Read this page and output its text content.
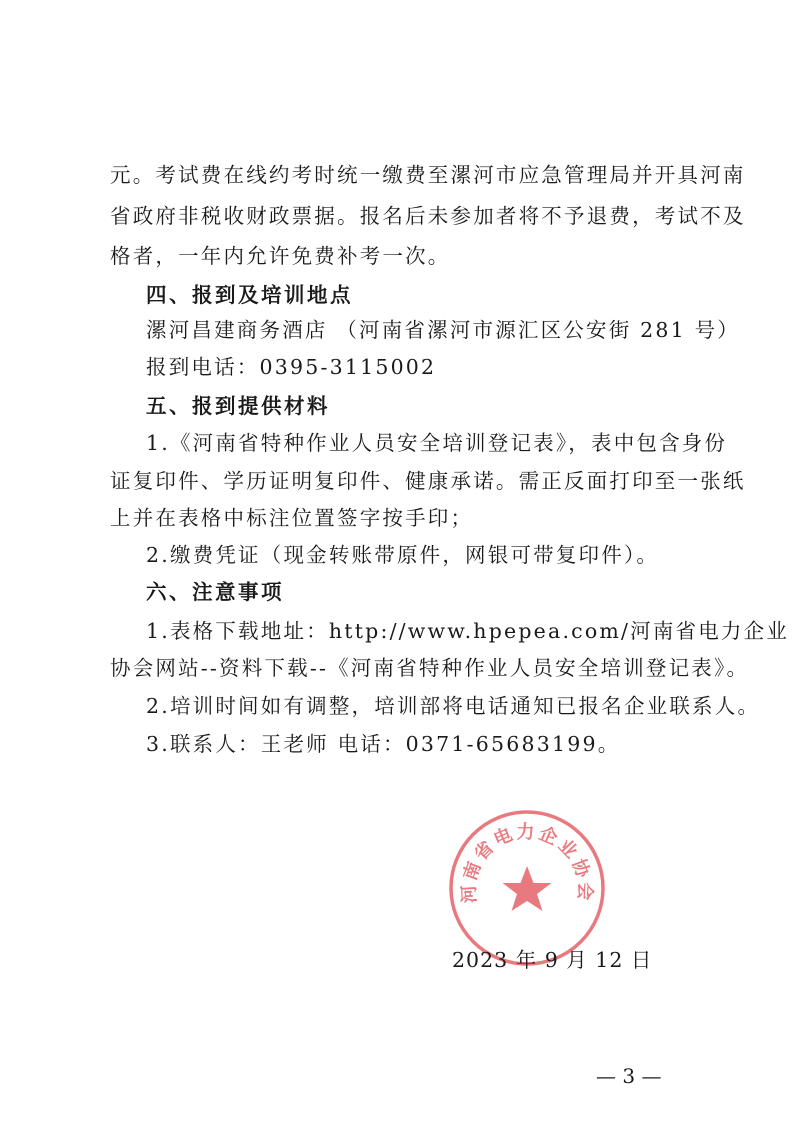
元。考试费在线约考时统一缴费至漯河市应急管理局并开具河南
省政府非税收财政票据。报名后未参加者将不予退费，考试不及
格者，一年内允许免费补考一次。
四、报到及培训地点
漯河昌建商务酒店 （河南省漯河市源汇区公安街 281 号）
报到电话：0395-3115002
五、报到提供材料
1.《河南省特种作业人员安全培训登记表》，表中包含身份
证复印件、学历证明复印件、健康承诺。需正反面打印至一张纸
上并在表格中标注位置签字按手印；
2.缴费凭证（现金转账带原件，网银可带复印件）。
六、注意事项
1.表格下载地址：http://www.hpepea.com/河南省电力企业
协会网站--资料下载--《河南省特种作业人员安全培训登记表》。
2.培训时间如有调整，培训部将电话通知已报名企业联系人。
3.联系人：王老师 电话：0371-65683199。
河南省电力企业协会
2023 年 9 月 12 日
— 3 —
